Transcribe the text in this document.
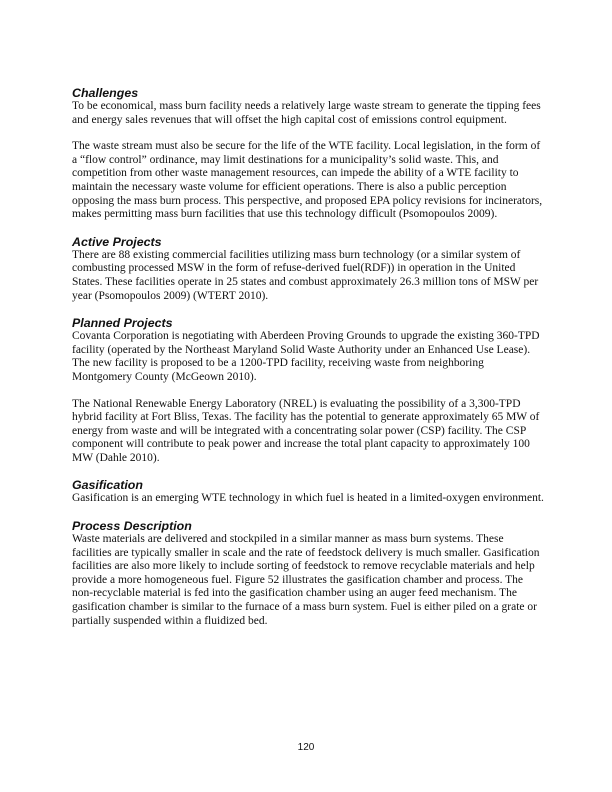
Challenges

To be economical, mass burn facility needs a relatively large waste stream to generate the tipping fees and energy sales revenues that will offset the high capital cost of emissions control equipment.

The waste stream must also be secure for the life of the WTE facility. Local legislation, in the form of a “flow control” ordinance, may limit destinations for a municipality’s solid waste. This, and competition from other waste management resources, can impede the ability of a WTE facility to maintain the necessary waste volume for efficient operations. There is also a public perception opposing the mass burn process. This perspective, and proposed EPA policy revisions for incinerators, makes permitting mass burn facilities that use this technology difficult (Psomopoulos 2009).

Active Projects

There are 88 existing commercial facilities utilizing mass burn technology (or a similar system of combusting processed MSW in the form of refuse-derived fuel(RDF)) in operation in the United States. These facilities operate in 25 states and combust approximately 26.3 million tons of MSW per year (Psomopoulos 2009) (WTERT 2010).

Planned Projects

Covanta Corporation is negotiating with Aberdeen Proving Grounds to upgrade the existing 360-TPD facility (operated by the Northeast Maryland Solid Waste Authority under an Enhanced Use Lease). The new facility is proposed to be a 1200-TPD facility, receiving waste from neighboring Montgomery County (McGeown 2010).

The National Renewable Energy Laboratory (NREL) is evaluating the possibility of a 3,300-TPD hybrid facility at Fort Bliss, Texas. The facility has the potential to generate approximately 65 MW of energy from waste and will be integrated with a concentrating solar power (CSP) facility. The CSP component will contribute to peak power and increase the total plant capacity to approximately 100 MW (Dahle 2010).

Gasification

Gasification is an emerging WTE technology in which fuel is heated in a limited-oxygen environment.

Process Description

Waste materials are delivered and stockpiled in a similar manner as mass burn systems. These facilities are typically smaller in scale and the rate of feedstock delivery is much smaller. Gasification facilities are also more likely to include sorting of feedstock to remove recyclable materials and help provide a more homogeneous fuel. Figure 52 illustrates the gasification chamber and process. The non-recyclable material is fed into the gasification chamber using an auger feed mechanism. The gasification chamber is similar to the furnace of a mass burn system. Fuel is either piled on a grate or partially suspended within a fluidized bed.

120
